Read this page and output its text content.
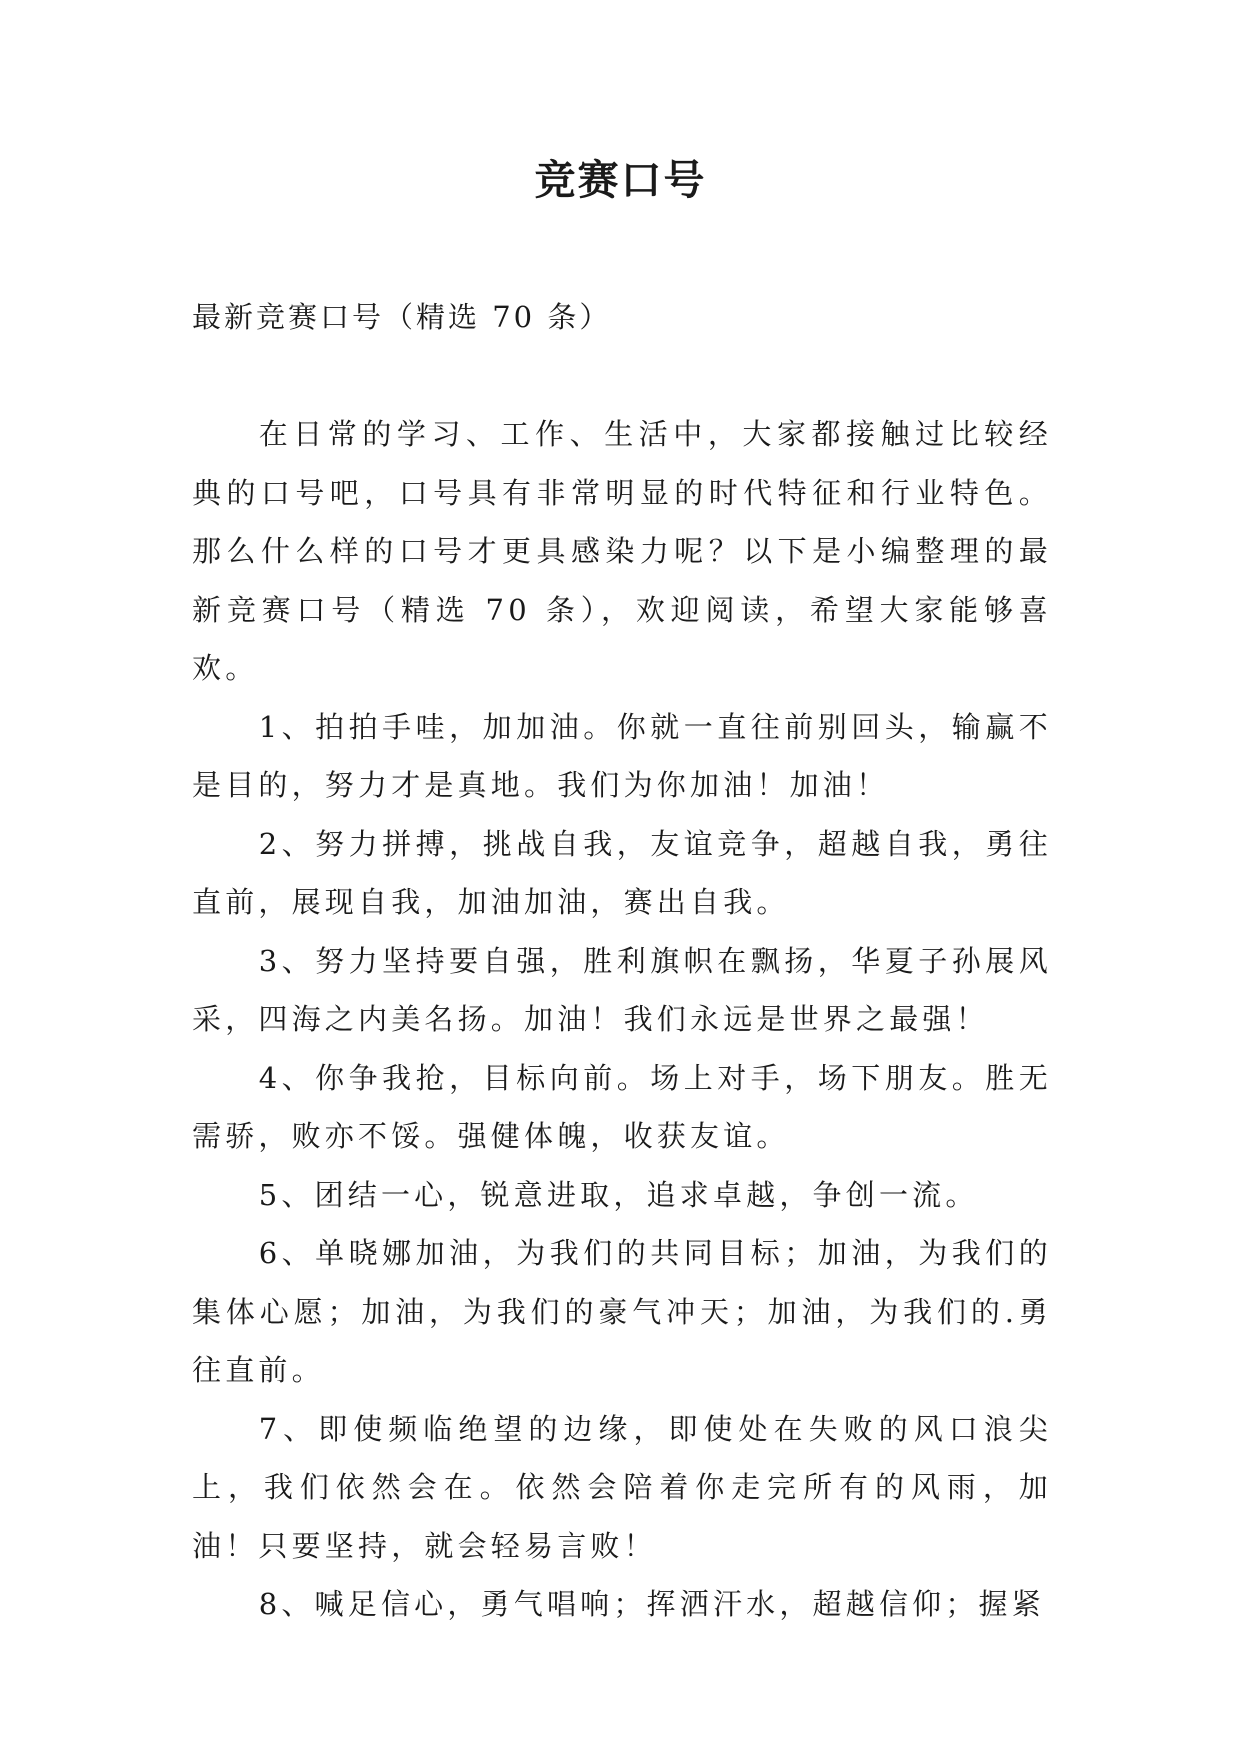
竞赛口号
最新竞赛口号（精选 70 条）

在日常的学习、工作、生活中，大家都接触过比较经典的口号吧，口号具有非常明显的时代特征和行业特色。那么什么样的口号才更具感染力呢？以下是小编整理的最新竞赛口号（精选 70 条），欢迎阅读，希望大家能够喜欢。

1、拍拍手哇，加加油。你就一直往前别回头，输赢不是目的，努力才是真地。我们为你加油！加油！

2、努力拼搏，挑战自我，友谊竞争，超越自我，勇往直前，展现自我，加油加油，赛出自我。

3、努力坚持要自强，胜利旗帜在飘扬，华夏子孙展风采，四海之内美名扬。加油！我们永远是世界之最强！

4、你争我抢，目标向前。场上对手，场下朋友。胜无需骄，败亦不馁。强健体魄，收获友谊。

5、团结一心，锐意进取，追求卓越，争创一流。

6、单晓娜加油，为我们的共同目标；加油，为我们的集体心愿；加油，为我们的豪气冲天；加油，为我们的.勇往直前。

7、即使频临绝望的边缘，即使处在失败的风口浪尖上，我们依然会在。依然会陪着你走完所有的风雨，加油！只要坚持，就会轻易言败！

8、喊足信心，勇气唱响；挥洒汗水，超越信仰；握紧
